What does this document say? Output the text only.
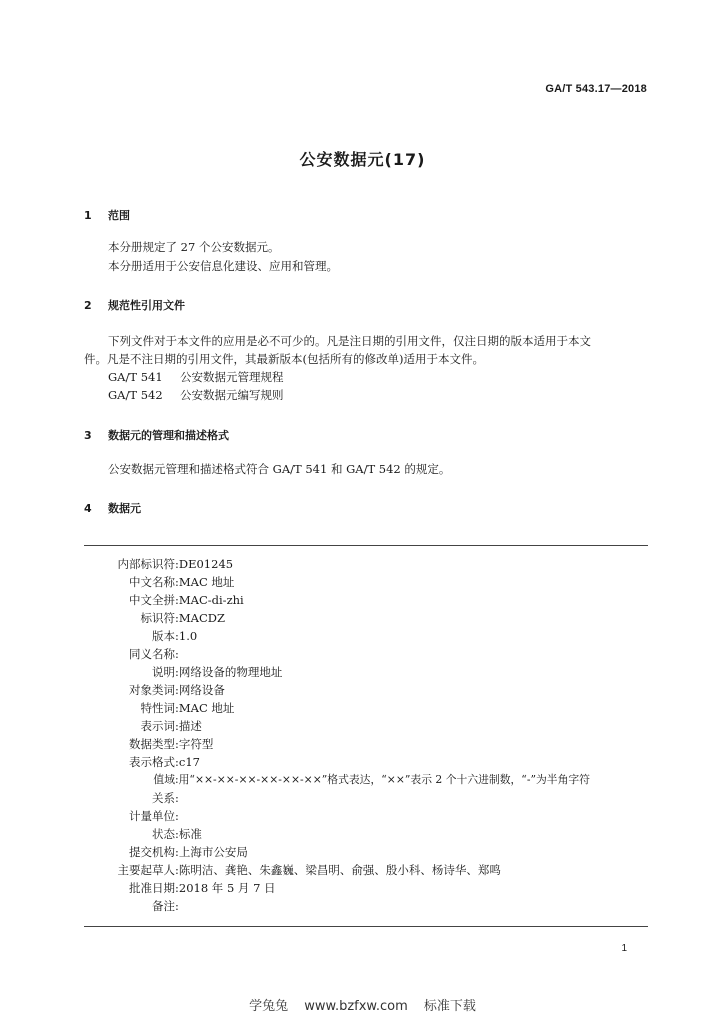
GA/T 543.17—2018
公安数据元(17)
1 范围
本分册规定了 27 个公安数据元。
本分册适用于公安信息化建设、应用和管理。
2 规范性引用文件
下列文件对于本文件的应用是必不可少的。凡是注日期的引用文件，仅注日期的版本适用于本文
件。凡是不注日期的引用文件，其最新版本(包括所有的修改单)适用于本文件。
GA/T 541 公安数据元管理规程
GA/T 542 公安数据元编写规则
3 数据元的管理和描述格式
公安数据元管理和描述格式符合 GA/T 541 和 GA/T 542 的规定。
4 数据元
内部标识符:DE01245
中文名称:MAC 地址
中文全拼:MAC-di-zhi
标识符:MACDZ
版本:1.0
同义名称:
说明:网络设备的物理地址
对象类词:网络设备
特性词:MAC 地址
表示词:描述
数据类型:字符型
表示格式:c17
值域:用“××-××-××-××-××-××”格式表达，“××”表示 2 个十六进制数，“-”为半角字符
关系:
计量单位:
状态:标准
提交机构:上海市公安局
主要起草人:陈明洁、龚艳、朱鑫巍、梁昌明、俞强、殷小科、杨诗华、郑鸣
批准日期:2018 年 5 月 7 日
备注:
1
学兔兔 www.bzfxw.com 标准下载
